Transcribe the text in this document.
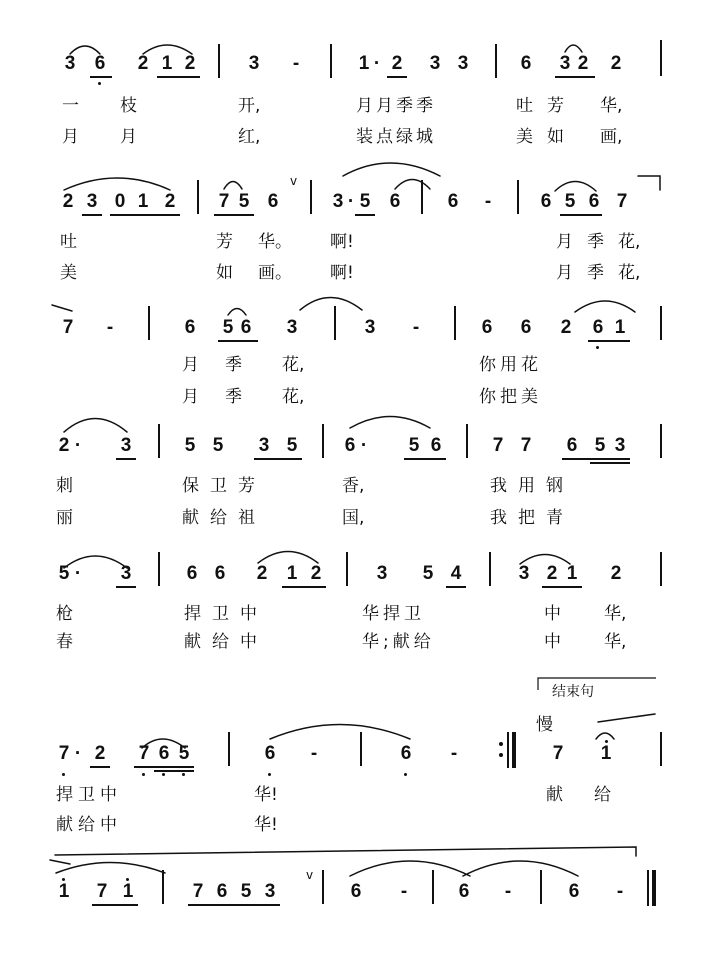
3 6 2 1 2	3 -	1 · 2 3 3	6 3 2 2
一 枝	开,	月月季季	吐芳 华,
月 月	红,	装点绿城	美如 画,
2 3 0 1 2 7 5 6
v
3 · 5 6 6 -	6 5 6 7
吐	芳 华。 啊!	月季 花,
美	如 画。 啊!	月季 花,
7 -	6 5 6 3	3 -	6 6 2 6 1
月 季 花,	你用花
月 季 花,	你把美
2 · 3	5 5 3 5 6 · 5 6	7 7 6 5 3
刺	保卫芳	香,	我用钢
丽	献给祖	国,	我把青
5 · 3	6 6 2 1 2	3 5 4	3 2 1 2
枪	捍卫中	华捍卫	中	华,
春	献给中	华;献给	中	华,
结束句
慢
7 · 2 7 6 5	6 -	6 -	7 1
捍卫中	华!	献 给
献给中	华!
1 7 1	7 6 5 3
v
6 -	6 -	6 -
